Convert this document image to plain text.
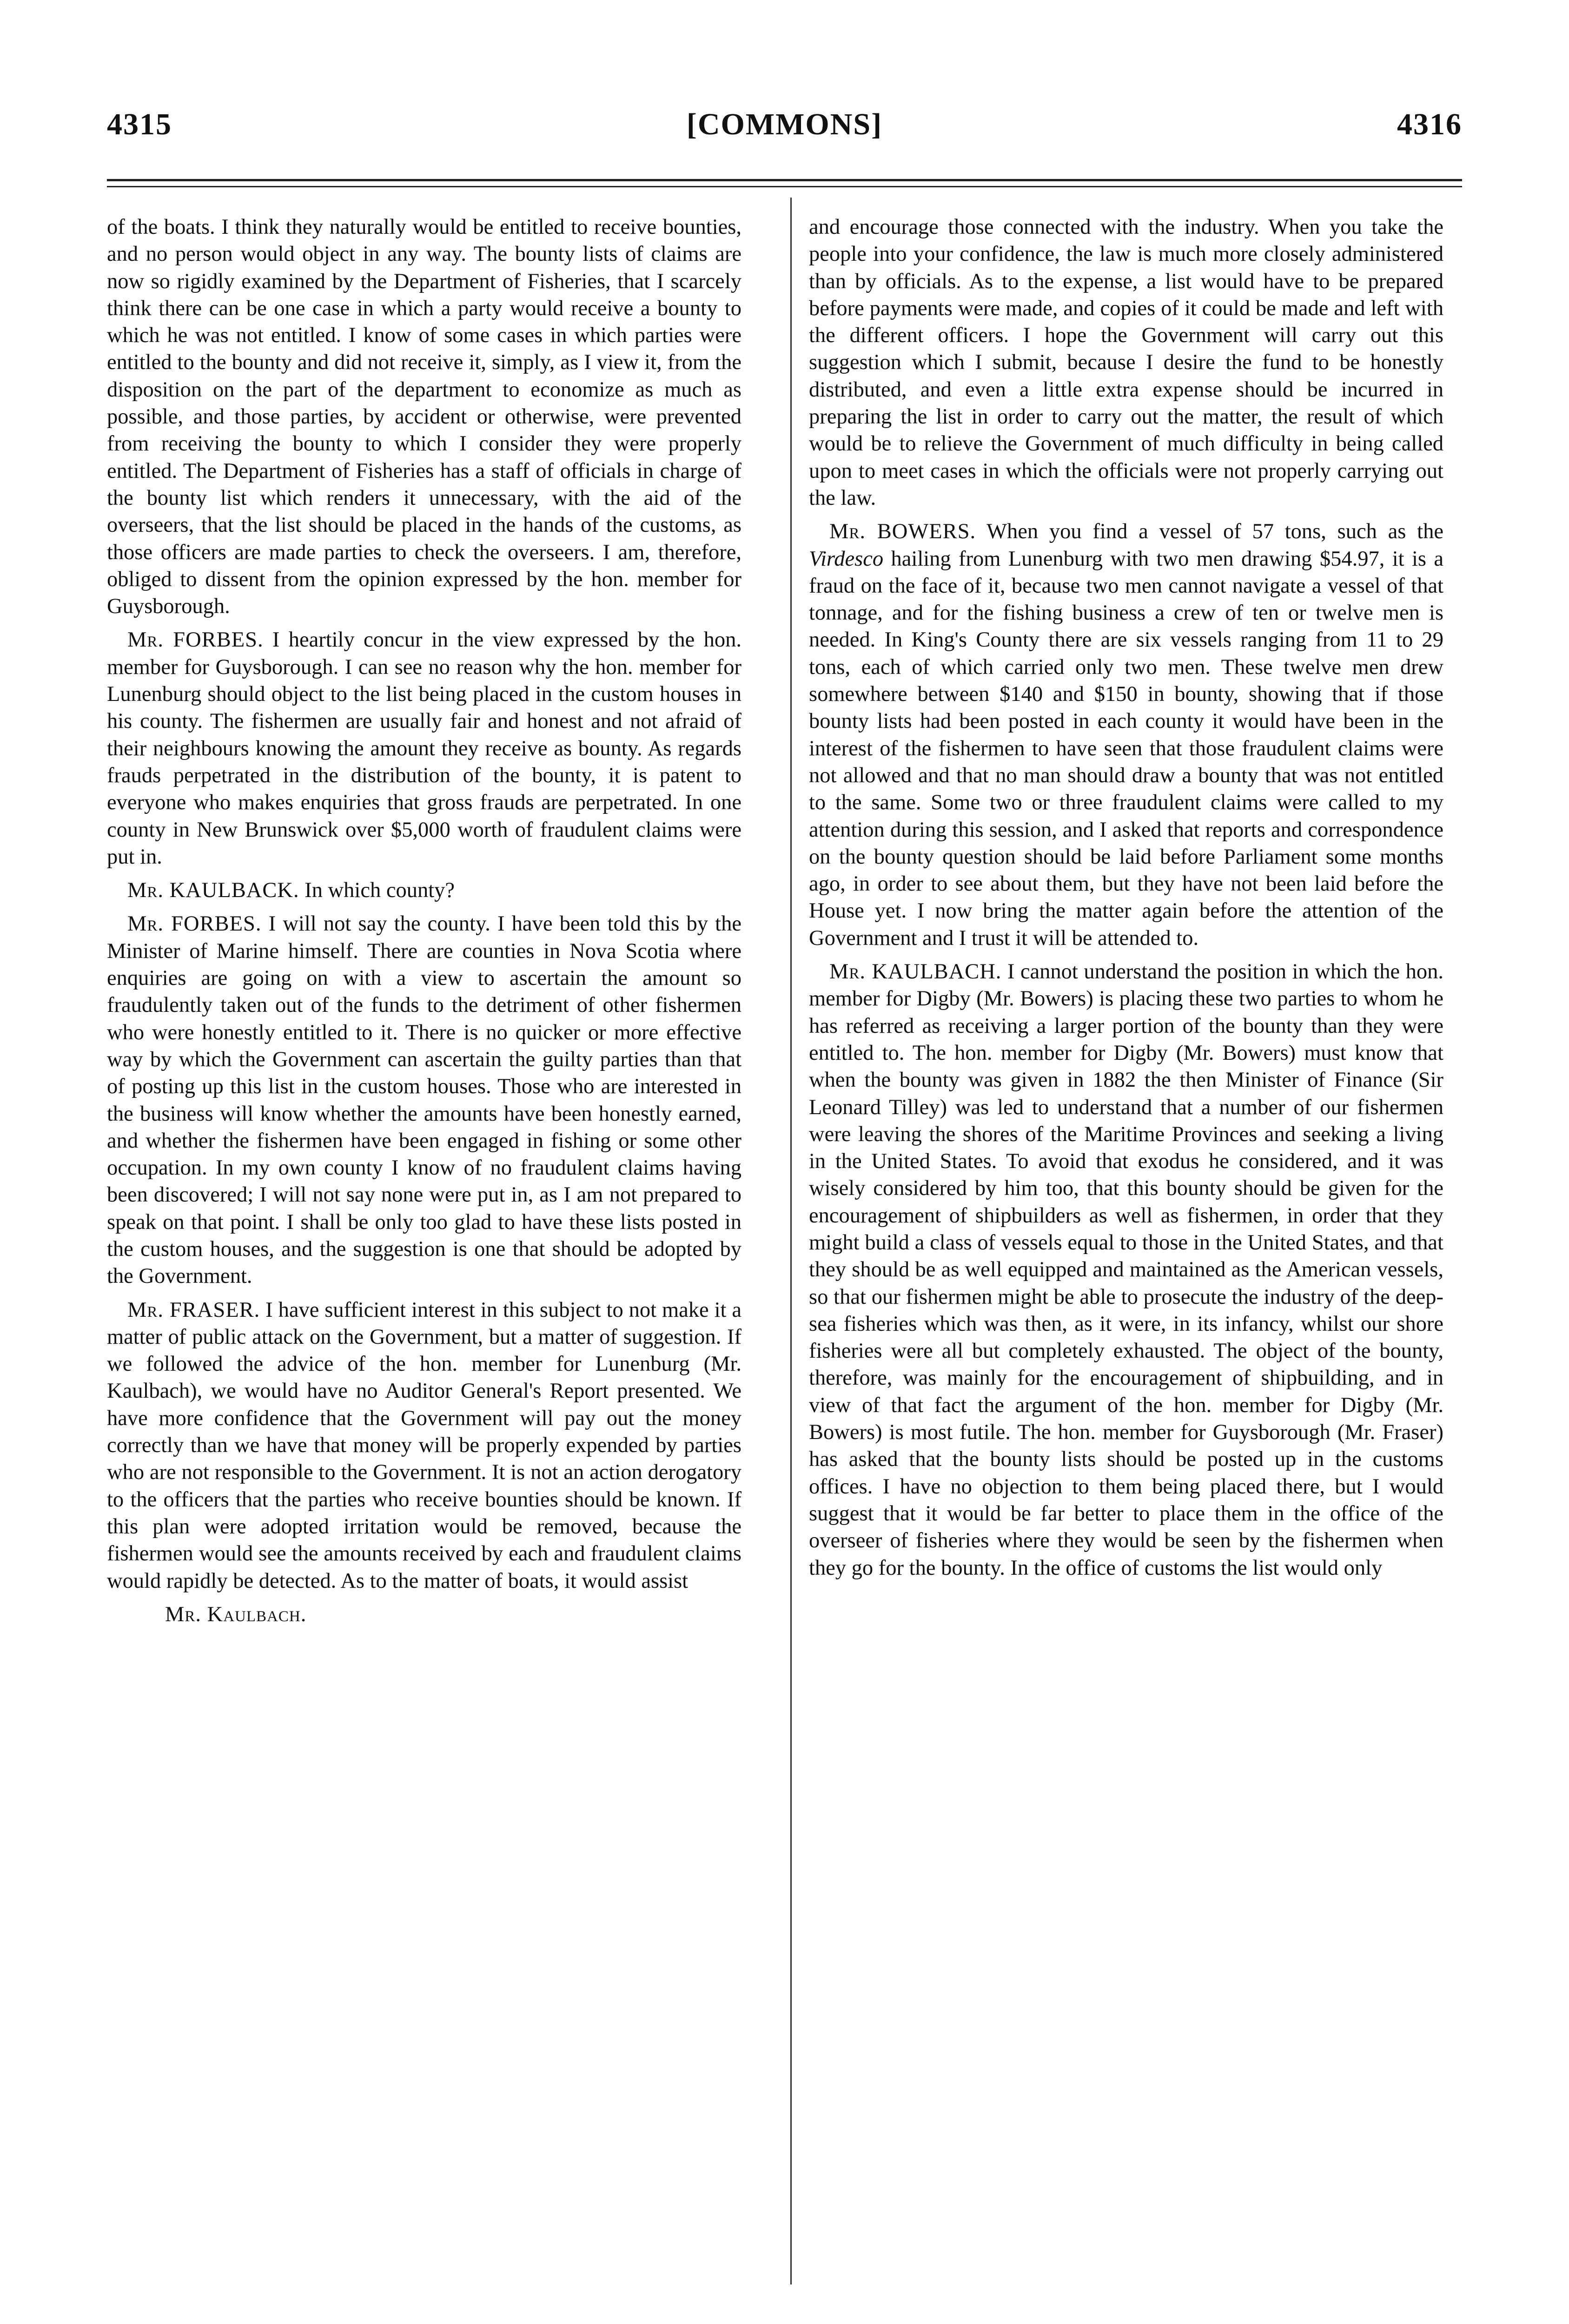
4315	[COMMONS]	4316

of the boats. I think they naturally would be entitled to receive bounties, and no person would object in any way. The bounty lists of claims are now so rigidly examined by the Department of Fisheries, that I scarcely think there can be one case in which a party would receive a bounty to which he was not entitled. I know of some cases in which parties were entitled to the bounty and did not receive it, simply, as I view it, from the disposition on the part of the department to economize as much as possible, and those parties, by accident or otherwise, were prevented from receiving the bounty to which I consider they were properly entitled. The Department of Fisheries has a staff of officials in charge of the bounty list which renders it unnecessary, with the aid of the overseers, that the list should be placed in the hands of the customs, as those officers are made parties to check the overseers. I am, therefore, obliged to dissent from the opinion expressed by the hon. member for Guysborough.

Mr. FORBES. I heartily concur in the view expressed by the hon. member for Guysborough. I can see no reason why the hon. member for Lunenburg should object to the list being placed in the custom houses in his county. The fishermen are usually fair and honest and not afraid of their neighbours knowing the amount they receive as bounty. As regards frauds perpetrated in the distribution of the bounty, it is patent to everyone who makes enquiries that gross frauds are perpetrated. In one county in New Brunswick over $5,000 worth of fraudulent claims were put in.

Mr. KAULBACK. In which county?

Mr. FORBES. I will not say the county. I have been told this by the Minister of Marine himself. There are counties in Nova Scotia where enquiries are going on with a view to ascertain the amount so fraudulently taken out of the funds to the detriment of other fishermen who were honestly entitled to it. There is no quicker or more effective way by which the Government can ascertain the guilty parties than that of posting up this list in the custom houses. Those who are interested in the business will know whether the amounts have been honestly earned, and whether the fishermen have been engaged in fishing or some other occupation. In my own county I know of no fraudulent claims having been discovered; I will not say none were put in, as I am not prepared to speak on that point. I shall be only too glad to have these lists posted in the custom houses, and the suggestion is one that should be adopted by the Government.

Mr. FRASER. I have sufficient interest in this subject to not make it a matter of public attack on the Government, but a matter of suggestion. If we followed the advice of the hon. member for Lunenburg (Mr. Kaulbach), we would have no Auditor General's Report presented. We have more confidence that the Government will pay out the money correctly than we have that money will be properly expended by parties who are not responsible to the Government. It is not an action derogatory to the officers that the parties who receive bounties should be known. If this plan were adopted irritation would be removed, because the fishermen would see the amounts received by each and fraudulent claims would rapidly be detected. As to the matter of boats, it would assist

Mr. Kaulbach.

and encourage those connected with the industry. When you take the people into your confidence, the law is much more closely administered than by officials. As to the expense, a list would have to be prepared before payments were made, and copies of it could be made and left with the different officers. I hope the Government will carry out this suggestion which I submit, because I desire the fund to be honestly distributed, and even a little extra expense should be incurred in preparing the list in order to carry out the matter, the result of which would be to relieve the Government of much difficulty in being called upon to meet cases in which the officials were not properly carrying out the law.

Mr. BOWERS. When you find a vessel of 57 tons, such as the Virdesco hailing from Lunenburg with two men drawing $54.97, it is a fraud on the face of it, because two men cannot navigate a vessel of that tonnage, and for the fishing business a crew of ten or twelve men is needed. In King's County there are six vessels ranging from 11 to 29 tons, each of which carried only two men. These twelve men drew somewhere between $140 and $150 in bounty, showing that if those bounty lists had been posted in each county it would have been in the interest of the fishermen to have seen that those fraudulent claims were not allowed and that no man should draw a bounty that was not entitled to the same. Some two or three fraudulent claims were called to my attention during this session, and I asked that reports and correspondence on the bounty question should be laid before Parliament some months ago, in order to see about them, but they have not been laid before the House yet. I now bring the matter again before the attention of the Government and I trust it will be attended to.

Mr. KAULBACH. I cannot understand the position in which the hon. member for Digby (Mr. Bowers) is placing these two parties to whom he has referred as receiving a larger portion of the bounty than they were entitled to. The hon. member for Digby (Mr. Bowers) must know that when the bounty was given in 1882 the then Minister of Finance (Sir Leonard Tilley) was led to understand that a number of our fishermen were leaving the shores of the Maritime Provinces and seeking a living in the United States. To avoid that exodus he considered, and it was wisely considered by him too, that this bounty should be given for the encouragement of shipbuilders as well as fishermen, in order that they might build a class of vessels equal to those in the United States, and that they should be as well equipped and maintained as the American vessels, so that our fishermen might be able to prosecute the industry of the deep-sea fisheries which was then, as it were, in its infancy, whilst our shore fisheries were all but completely exhausted. The object of the bounty, therefore, was mainly for the encouragement of shipbuilding, and in view of that fact the argument of the hon. member for Digby (Mr. Bowers) is most futile. The hon. member for Guysborough (Mr. Fraser) has asked that the bounty lists should be posted up in the customs offices. I have no objection to them being placed there, but I would suggest that it would be far better to place them in the office of the overseer of fisheries where they would be seen by the fishermen when they go for the bounty. In the office of customs the list would only
